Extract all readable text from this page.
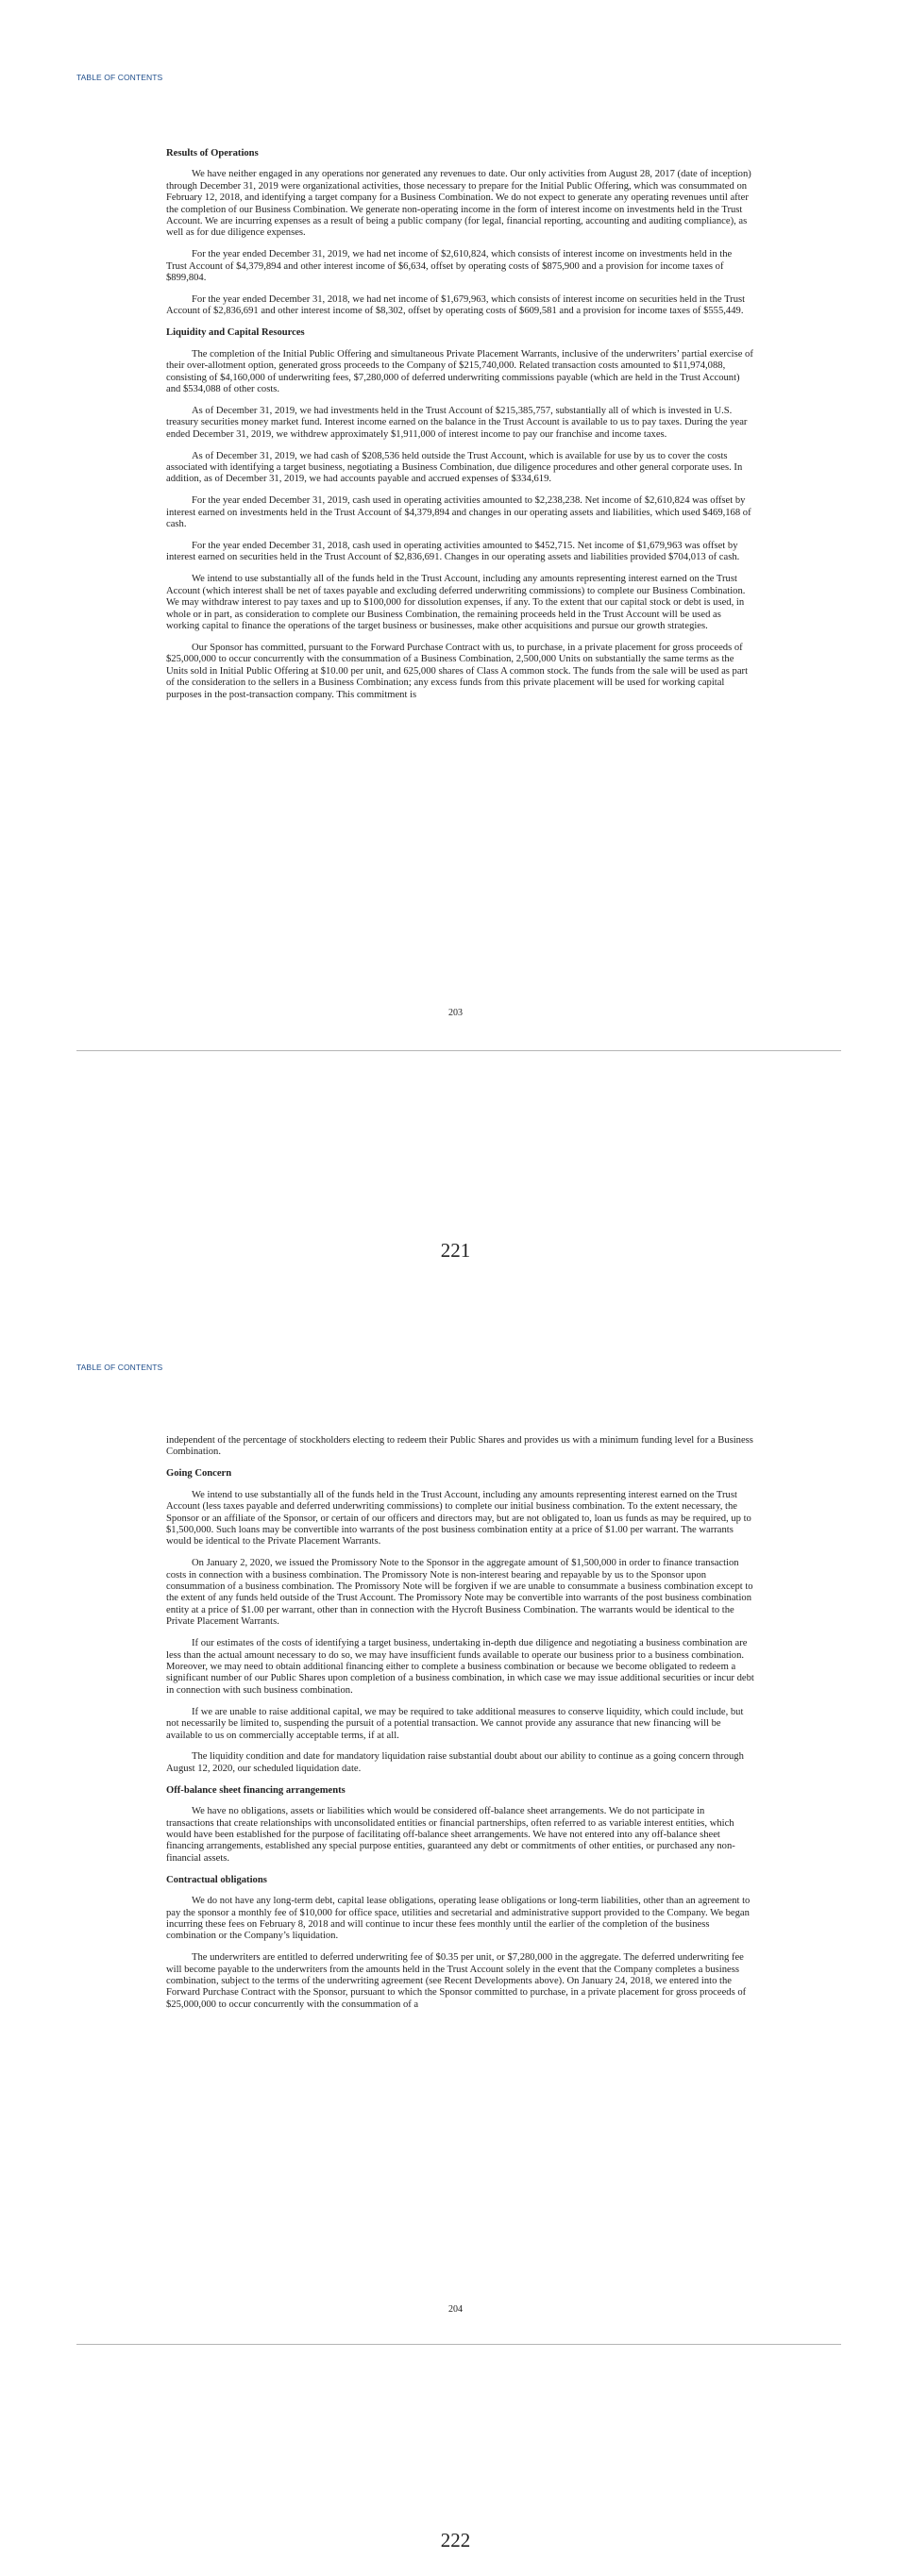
TABLE OF CONTENTS
Results of Operations

We have neither engaged in any operations nor generated any revenues to date. Our only activities from August 28, 2017 (date of inception) through December 31, 2019 were organizational activities, those necessary to prepare for the Initial Public Offering, which was consummated on February 12, 2018, and identifying a target company for a Business Combination. We do not expect to generate any operating revenues until after the completion of our Business Combination. We generate non-operating income in the form of interest income on investments held in the Trust Account. We are incurring expenses as a result of being a public company (for legal, financial reporting, accounting and auditing compliance), as well as for due diligence expenses.

For the year ended December 31, 2019, we had net income of $2,610,824, which consists of interest income on investments held in the Trust Account of $4,379,894 and other interest income of $6,634, offset by operating costs of $875,900 and a provision for income taxes of $899,804.

For the year ended December 31, 2018, we had net income of $1,679,963, which consists of interest income on securities held in the Trust Account of $2,836,691 and other interest income of $8,302, offset by operating costs of $609,581 and a provision for income taxes of $555,449.

Liquidity and Capital Resources

The completion of the Initial Public Offering and simultaneous Private Placement Warrants, inclusive of the underwriters’ partial exercise of their over-allotment option, generated gross proceeds to the Company of $215,740,000. Related transaction costs amounted to $11,974,088, consisting of $4,160,000 of underwriting fees, $7,280,000 of deferred underwriting commissions payable (which are held in the Trust Account) and $534,088 of other costs.

As of December 31, 2019, we had investments held in the Trust Account of $215,385,757, substantially all of which is invested in U.S. treasury securities money market fund. Interest income earned on the balance in the Trust Account is available to us to pay taxes. During the year ended December 31, 2019, we withdrew approximately $1,911,000 of interest income to pay our franchise and income taxes.

As of December 31, 2019, we had cash of $208,536 held outside the Trust Account, which is available for use by us to cover the costs associated with identifying a target business, negotiating a Business Combination, due diligence procedures and other general corporate uses. In addition, as of December 31, 2019, we had accounts payable and accrued expenses of $334,619.

For the year ended December 31, 2019, cash used in operating activities amounted to $2,238,238. Net income of $2,610,824 was offset by interest earned on investments held in the Trust Account of $4,379,894 and changes in our operating assets and liabilities, which used $469,168 of cash.

For the year ended December 31, 2018, cash used in operating activities amounted to $452,715. Net income of $1,679,963 was offset by interest earned on securities held in the Trust Account of $2,836,691. Changes in our operating assets and liabilities provided $704,013 of cash.

We intend to use substantially all of the funds held in the Trust Account, including any amounts representing interest earned on the Trust Account (which interest shall be net of taxes payable and excluding deferred underwriting commissions) to complete our Business Combination. We may withdraw interest to pay taxes and up to $100,000 for dissolution expenses, if any. To the extent that our capital stock or debt is used, in whole or in part, as consideration to complete our Business Combination, the remaining proceeds held in the Trust Account will be used as working capital to finance the operations of the target business or businesses, make other acquisitions and pursue our growth strategies.

Our Sponsor has committed, pursuant to the Forward Purchase Contract with us, to purchase, in a private placement for gross proceeds of $25,000,000 to occur concurrently with the consummation of a Business Combination, 2,500,000 Units on substantially the same terms as the Units sold in Initial Public Offering at $10.00 per unit, and 625,000 shares of Class A common stock. The funds from the sale will be used as part of the consideration to the sellers in a Business Combination; any excess funds from this private placement will be used for working capital purposes in the post-transaction company. This commitment is

203
221
TABLE OF CONTENTS

independent of the percentage of stockholders electing to redeem their Public Shares and provides us with a minimum funding level for a Business Combination.

Going Concern

We intend to use substantially all of the funds held in the Trust Account, including any amounts representing interest earned on the Trust Account (less taxes payable and deferred underwriting commissions) to complete our initial business combination. To the extent necessary, the Sponsor or an affiliate of the Sponsor, or certain of our officers and directors may, but are not obligated to, loan us funds as may be required, up to $1,500,000. Such loans may be convertible into warrants of the post business combination entity at a price of $1.00 per warrant. The warrants would be identical to the Private Placement Warrants.

On January 2, 2020, we issued the Promissory Note to the Sponsor in the aggregate amount of $1,500,000 in order to finance transaction costs in connection with a business combination. The Promissory Note is non-interest bearing and repayable by us to the Sponsor upon consummation of a business combination. The Promissory Note will be forgiven if we are unable to consummate a business combination except to the extent of any funds held outside of the Trust Account. The Promissory Note may be convertible into warrants of the post business combination entity at a price of $1.00 per warrant, other than in connection with the Hycroft Business Combination. The warrants would be identical to the Private Placement Warrants.

If our estimates of the costs of identifying a target business, undertaking in-depth due diligence and negotiating a business combination are less than the actual amount necessary to do so, we may have insufficient funds available to operate our business prior to a business combination. Moreover, we may need to obtain additional financing either to complete a business combination or because we become obligated to redeem a significant number of our Public Shares upon completion of a business combination, in which case we may issue additional securities or incur debt in connection with such business combination.

If we are unable to raise additional capital, we may be required to take additional measures to conserve liquidity, which could include, but not necessarily be limited to, suspending the pursuit of a potential transaction. We cannot provide any assurance that new financing will be available to us on commercially acceptable terms, if at all.

The liquidity condition and date for mandatory liquidation raise substantial doubt about our ability to continue as a going concern through August 12, 2020, our scheduled liquidation date.

Off-balance sheet financing arrangements

We have no obligations, assets or liabilities which would be considered off-balance sheet arrangements. We do not participate in transactions that create relationships with unconsolidated entities or financial partnerships, often referred to as variable interest entities, which would have been established for the purpose of facilitating off-balance sheet arrangements. We have not entered into any off-balance sheet financing arrangements, established any special purpose entities, guaranteed any debt or commitments of other entities, or purchased any non-financial assets.

Contractual obligations

We do not have any long-term debt, capital lease obligations, operating lease obligations or long-term liabilities, other than an agreement to pay the sponsor a monthly fee of $10,000 for office space, utilities and secretarial and administrative support provided to the Company. We began incurring these fees on February 8, 2018 and will continue to incur these fees monthly until the earlier of the completion of the business combination or the Company’s liquidation.

The underwriters are entitled to deferred underwriting fee of $0.35 per unit, or $7,280,000 in the aggregate. The deferred underwriting fee will become payable to the underwriters from the amounts held in the Trust Account solely in the event that the Company completes a business combination, subject to the terms of the underwriting agreement (see Recent Developments above). On January 24, 2018, we entered into the Forward Purchase Contract with the Sponsor, pursuant to which the Sponsor committed to purchase, in a private placement for gross proceeds of $25,000,000 to occur concurrently with the consummation of a

204
222
